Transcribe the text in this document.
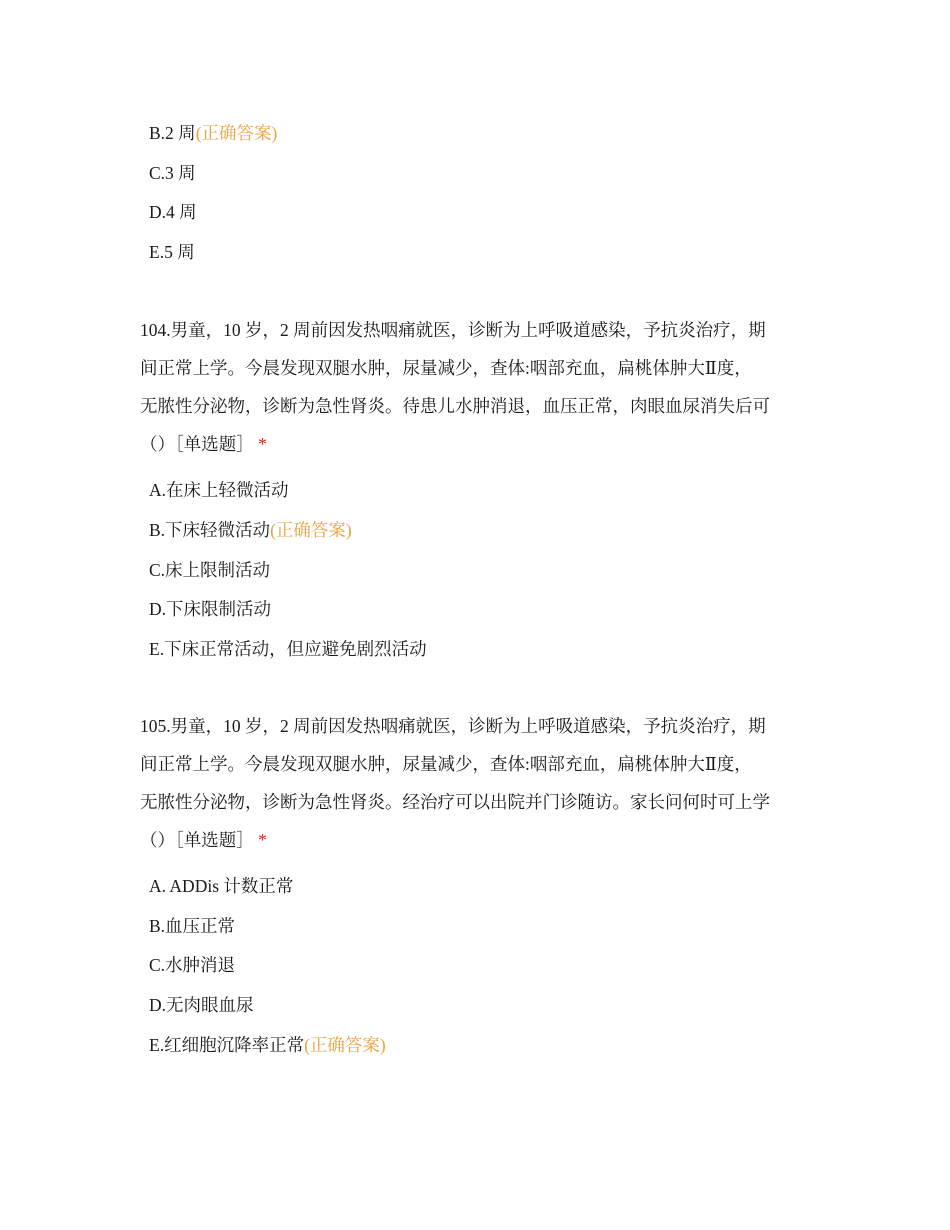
B.2 周(正确答案)
C.3 周
D.4 周
E.5 周
104.男童，10 岁，2 周前因发热咽痛就医，诊断为上呼吸道感染，予抗炎治疗，期
间正常上学。今晨发现双腿水肿，尿量减少，查体:咽部充血，扁桃体肿大Ⅱ度，
无脓性分泌物，诊断为急性肾炎。待患儿水肿消退，血压正常，肉眼血尿消失后可
（）［单选题］ *
A.在床上轻微活动
B.下床轻微活动(正确答案)
C.床上限制活动
D.下床限制活动
E.下床正常活动，但应避免剧烈活动
105.男童，10 岁，2 周前因发热咽痛就医，诊断为上呼吸道感染，予抗炎治疗，期
间正常上学。今晨发现双腿水肿，尿量减少，查体:咽部充血，扁桃体肿大Ⅱ度，
无脓性分泌物，诊断为急性肾炎。经治疗可以出院并门诊随访。家长问何时可上学
（）［单选题］ *
A. ADDis 计数正常
B.血压正常
C.水肿消退
D.无肉眼血尿
E.红细胞沉降率正常(正确答案)
